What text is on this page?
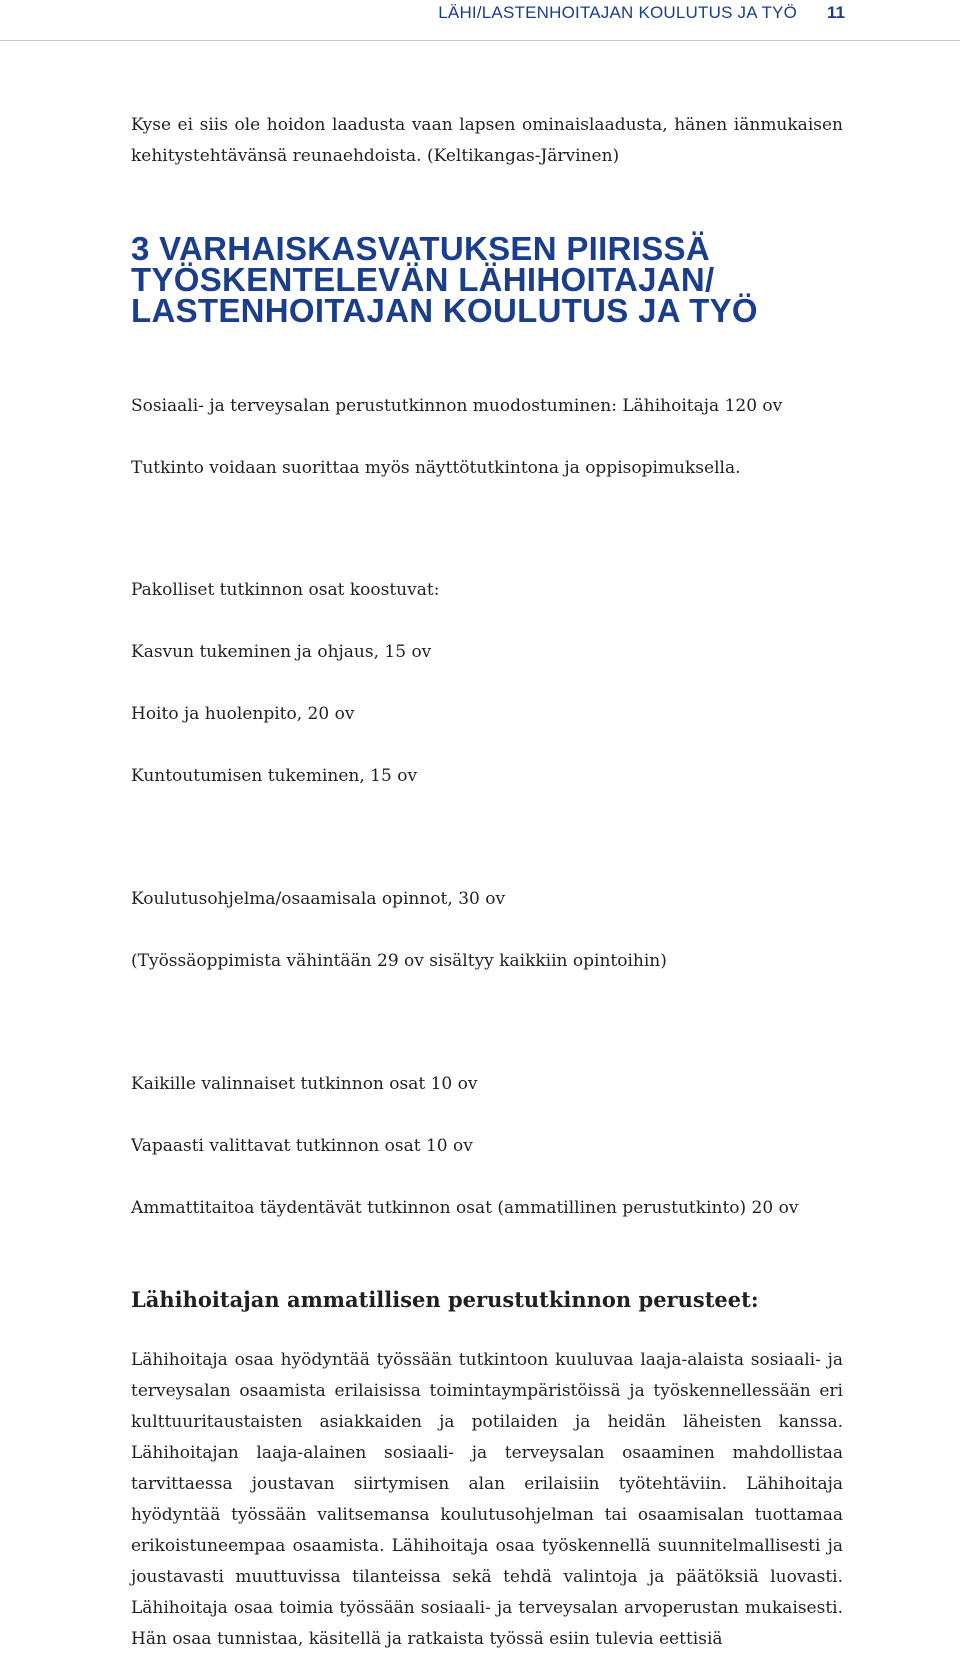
LÄHI/LASTENHOITAJAN KOULUTUS JA TYÖ 11

Kyse ei siis ole hoidon laadusta vaan lapsen ominaislaadusta, hänen iänmukaisen kehitystehtävänsä reunaehdoista. (Keltikangas-Järvinen)

3 VARHAISKASVATUKSEN PIIRISSÄ
TYÖSKENTELEVÄN LÄHIHOITAJAN/
LASTENHOITAJAN KOULUTUS JA TYÖ

Sosiaali- ja terveysalan perustutkinnon muodostuminen: Lähihoitaja 120 ov

Tutkinto voidaan suorittaa myös näyttötutkintona ja oppisopimuksella.

Pakolliset tutkinnon osat koostuvat:

Kasvun tukeminen ja ohjaus, 15 ov

Hoito ja huolenpito, 20 ov

Kuntoutumisen tukeminen, 15 ov

Koulutusohjelma/osaamisala opinnot, 30 ov

(Työssäoppimista vähintään 29 ov sisältyy kaikkiin opintoihin)

Kaikille valinnaiset tutkinnon osat 10 ov

Vapaasti valittavat tutkinnon osat 10 ov

Ammattitaitoa täydentävät tutkinnon osat (ammatillinen perustutkinto) 20 ov

Lähihoitajan ammatillisen perustutkinnon perusteet:

Lähihoitaja osaa hyödyntää työssään tutkintoon kuuluvaa laaja-alaista sosiaali- ja terveysalan osaamista erilaisissa toimintaympäristöissä ja työskennellessään eri kulttuuritaustaisten asiakkaiden ja potilaiden ja heidän läheisten kanssa. Lähihoitajan laaja-alainen sosiaali- ja terveysalan osaaminen mahdollistaa tarvittaessa joustavan siirtymisen alan erilaisiin työtehtäviin. Lähihoitaja hyödyntää työssään valitsemansa koulutusohjelman tai osaamisalan tuottamaa erikoistuneempaa osaamista. Lähihoitaja osaa työskennellä suunnitelmallisesti ja joustavasti muuttuvissa tilanteissa sekä tehdä valintoja ja päätöksiä luovasti. Lähihoitaja osaa toimia työssään sosiaali- ja terveysalan arvoperustan mukaisesti. Hän osaa tunnistaa, käsitellä ja ratkaista työssä esiin tulevia eettisiä
